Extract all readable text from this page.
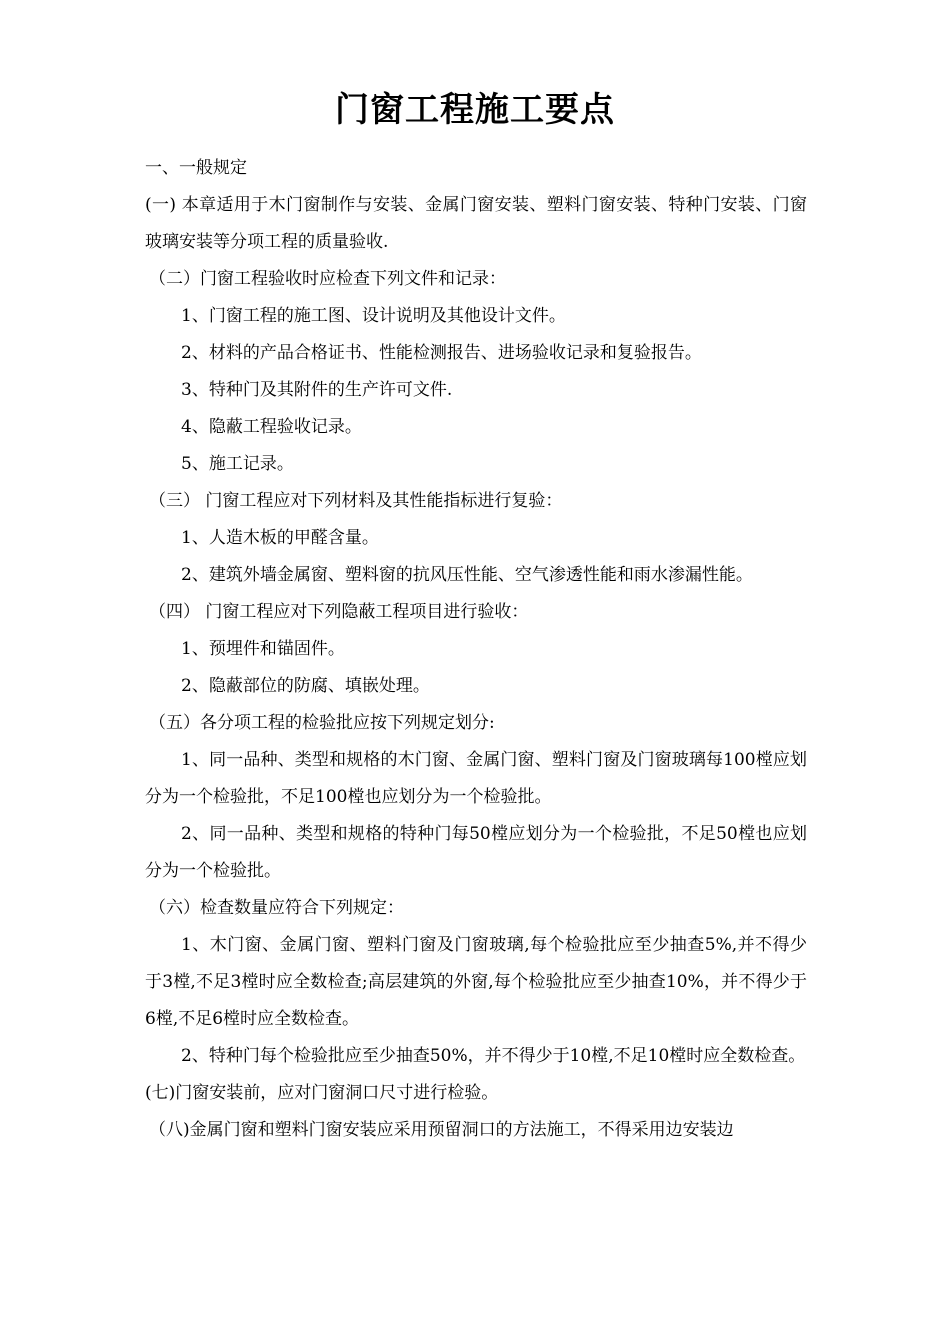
门窗工程施工要点

一、一般规定

(一) 本章适用于木门窗制作与安装、金属门窗安装、塑料门窗安装、特种门安装、门窗玻璃安装等分项工程的质量验收.

（二）门窗工程验收时应检查下列文件和记录：

1、门窗工程的施工图、设计说明及其他设计文件。

2、材料的产品合格证书、性能检测报告、进场验收记录和复验报告。

3、特种门及其附件的生产许可文件.

4、隐蔽工程验收记录。

5、施工记录。

（三） 门窗工程应对下列材料及其性能指标进行复验：

1、人造木板的甲醛含量。

2、建筑外墙金属窗、塑料窗的抗风压性能、空气渗透性能和雨水渗漏性能。

（四） 门窗工程应对下列隐蔽工程项目进行验收：

1、预埋件和锚固件。

2、隐蔽部位的防腐、填嵌处理。

（五）各分项工程的检验批应按下列规定划分:

1、同一品种、类型和规格的木门窗、金属门窗、塑料门窗及门窗玻璃每100樘应划分为一个检验批，不足100樘也应划分为一个检验批。

2、同一品种、类型和规格的特种门每50樘应划分为一个检验批，不足50樘也应划分为一个检验批。

（六）检查数量应符合下列规定：

1、木门窗、金属门窗、塑料门窗及门窗玻璃,每个检验批应至少抽查5%,并不得少于3樘,不足3樘时应全数检查;高层建筑的外窗,每个检验批应至少抽查10%，并不得少于6樘,不足6樘时应全数检查。

2、特种门每个检验批应至少抽查50%，并不得少于10樘,不足10樘时应全数检查。

(七)门窗安装前，应对门窗洞口尺寸进行检验。

（八)金属门窗和塑料门窗安装应采用预留洞口的方法施工，不得采用边安装边
